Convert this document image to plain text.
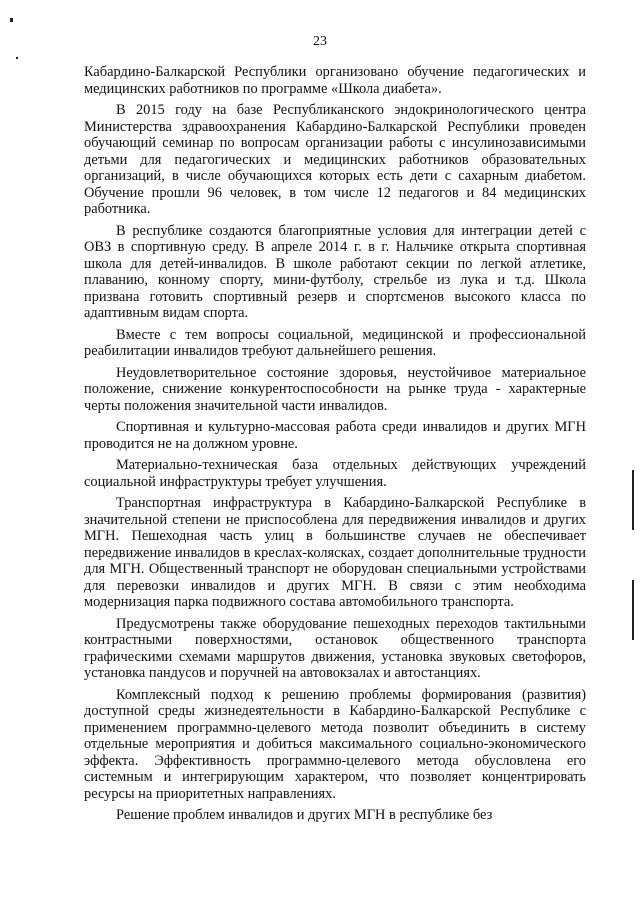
23

Кабардино-Балкарской Республики организовано обучение педагогических и медицинских работников по программе «Школа диабета».

В 2015 году на базе Республиканского эндокринологического центра Министерства здравоохранения Кабардино-Балкарской Республики проведен обучающий семинар по вопросам организации работы с инсулинозависимыми детьми для педагогических и медицинских работников образовательных организаций, в числе обучающихся которых есть дети с сахарным диабетом. Обучение прошли 96 человек, в том числе 12 педагогов и 84 медицинских работника.

В республике создаются благоприятные условия для интеграции детей с ОВЗ в спортивную среду. В апреле 2014 г. в г. Нальчике открыта спортивная школа для детей-инвалидов. В школе работают секции по легкой атлетике, плаванию, конному спорту, мини-футболу, стрельбе из лука и т.д. Школа призвана готовить спортивный резерв и спортсменов высокого класса по адаптивным видам спорта.

Вместе с тем вопросы социальной, медицинской и профессиональной реабилитации инвалидов требуют дальнейшего решения.

Неудовлетворительное состояние здоровья, неустойчивое материальное положение, снижение конкурентоспособности на рынке труда - характерные черты положения значительной части инвалидов.

Спортивная и культурно-массовая работа среди инвалидов и других МГН проводится не на должном уровне.

Материально-техническая база отдельных действующих учреждений социальной инфраструктуры требует улучшения.

Транспортная инфраструктура в Кабардино-Балкарской Республике в значительной степени не приспособлена для передвижения инвалидов и других МГН. Пешеходная часть улиц в большинстве случаев не обеспечивает передвижение инвалидов в креслах-колясках, создает дополнительные трудности для МГН. Общественный транспорт не оборудован специальными устройствами для перевозки инвалидов и других МГН. В связи с этим необходима модернизация парка подвижного состава автомобильного транспорта.

Предусмотрены также оборудование пешеходных переходов тактильными контрастными поверхностями, остановок общественного транспорта графическими схемами маршрутов движения, установка звуковых светофоров, установка пандусов и поручней на автовокзалах и автостанциях.

Комплексный подход к решению проблемы формирования (развития) доступной среды жизнедеятельности в Кабардино-Балкарской Республике с применением программно-целевого метода позволит объединить в систему отдельные мероприятия и добиться максимального социально-экономического эффекта. Эффективность программно-целевого метода обусловлена его системным и интегрирующим характером, что позволяет концентрировать ресурсы на приоритетных направлениях.

Решение проблем инвалидов и других МГН в республике без
